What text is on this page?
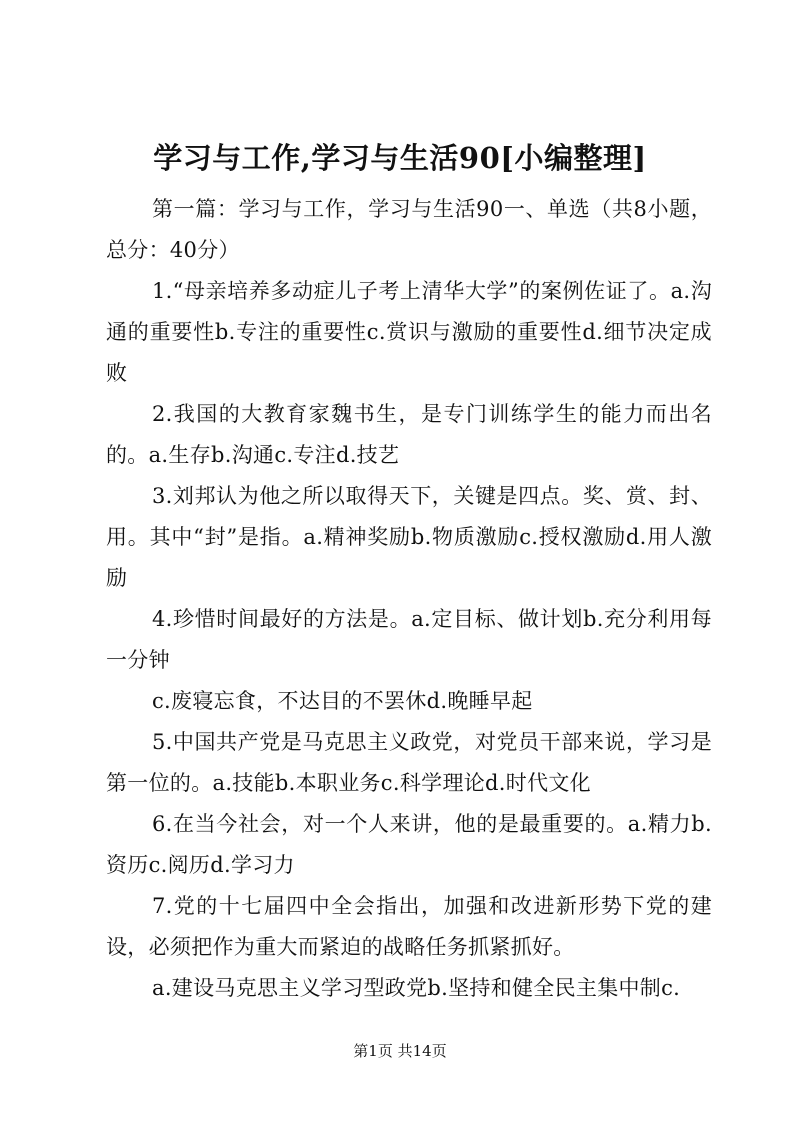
学习与工作,学习与生活90[小编整理]

第一篇：学习与工作，学习与生活90一、单选（共8小题，总分：40分）

1.“母亲培养多动症儿子考上清华大学”的案例佐证了。a.沟通的重要性b.专注的重要性c.赏识与激励的重要性d.细节决定成败

2.我国的大教育家魏书生，是专门训练学生的能力而出名的。a.生存b.沟通c.专注d.技艺

3.刘邦认为他之所以取得天下，关键是四点。奖、赏、封、用。其中“封”是指。a.精神奖励b.物质激励c.授权激励d.用人激励

4.珍惜时间最好的方法是。a.定目标、做计划b.充分利用每一分钟

c.废寝忘食，不达目的不罢休d.晚睡早起

5.中国共产党是马克思主义政党，对党员干部来说，学习是第一位的。a.技能b.本职业务c.科学理论d.时代文化

6.在当今社会，对一个人来讲，他的是最重要的。a.精力b.资历c.阅历d.学习力

7.党的十七届四中全会指出，加强和改进新形势下党的建设，必须把作为重大而紧迫的战略任务抓紧抓好。

a.建设马克思主义学习型政党b.坚持和健全民主集中制c.

第1页 共14页
